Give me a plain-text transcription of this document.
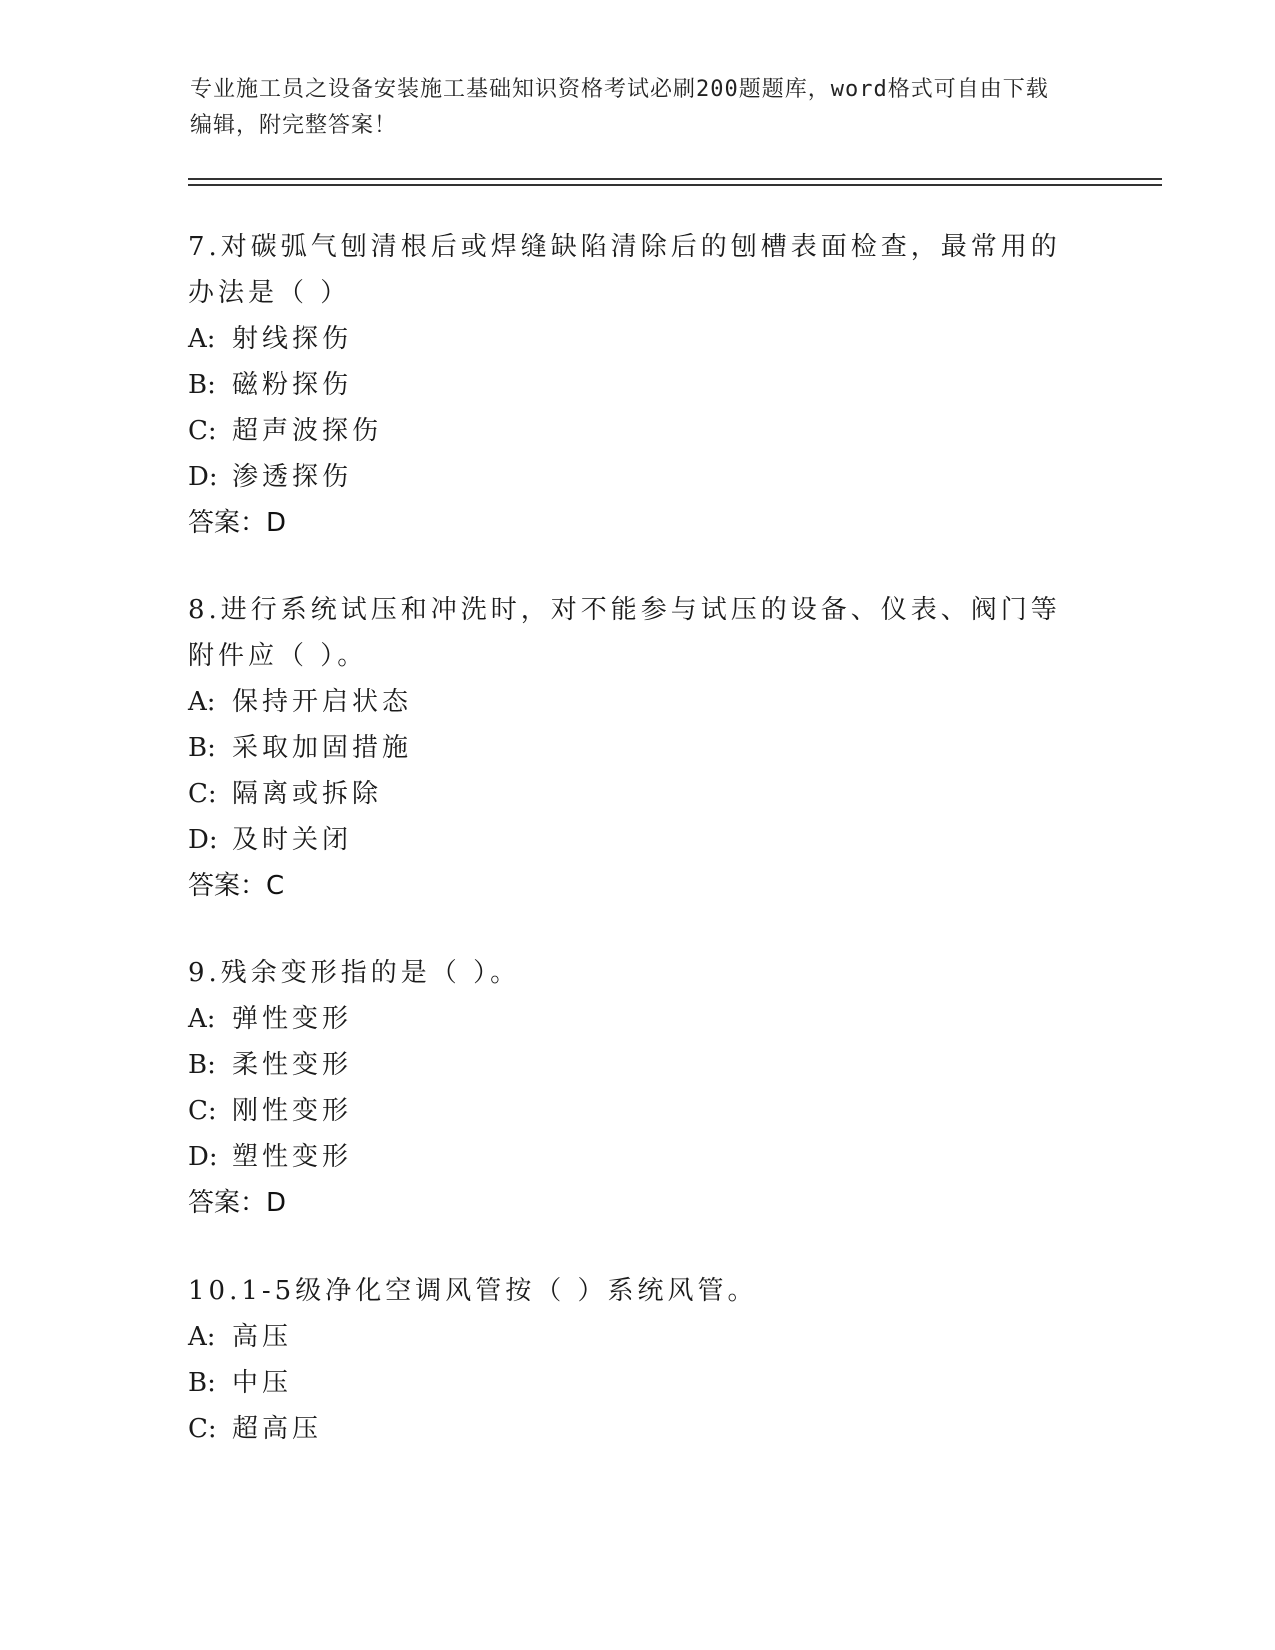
专业施工员之设备安装施工基础知识资格考试必刷200题题库，word格式可自由下载编辑，附完整答案！

7.对碳弧气刨清根后或焊缝缺陷清除后的刨槽表面检查，最常用的办法是（ ）

A: 射线探伤

B: 磁粉探伤

C: 超声波探伤

D: 渗透探伤

答案：D

8.进行系统试压和冲洗时，对不能参与试压的设备、仪表、阀门等附件应（ ）。

A: 保持开启状态

B: 采取加固措施

C: 隔离或拆除

D: 及时关闭

答案：C

9.残余变形指的是（ ）。

A: 弹性变形

B: 柔性变形

C: 刚性变形

D: 塑性变形

答案：D

10.1-5级净化空调风管按（ ）系统风管。

A: 高压

B: 中压

C: 超高压
